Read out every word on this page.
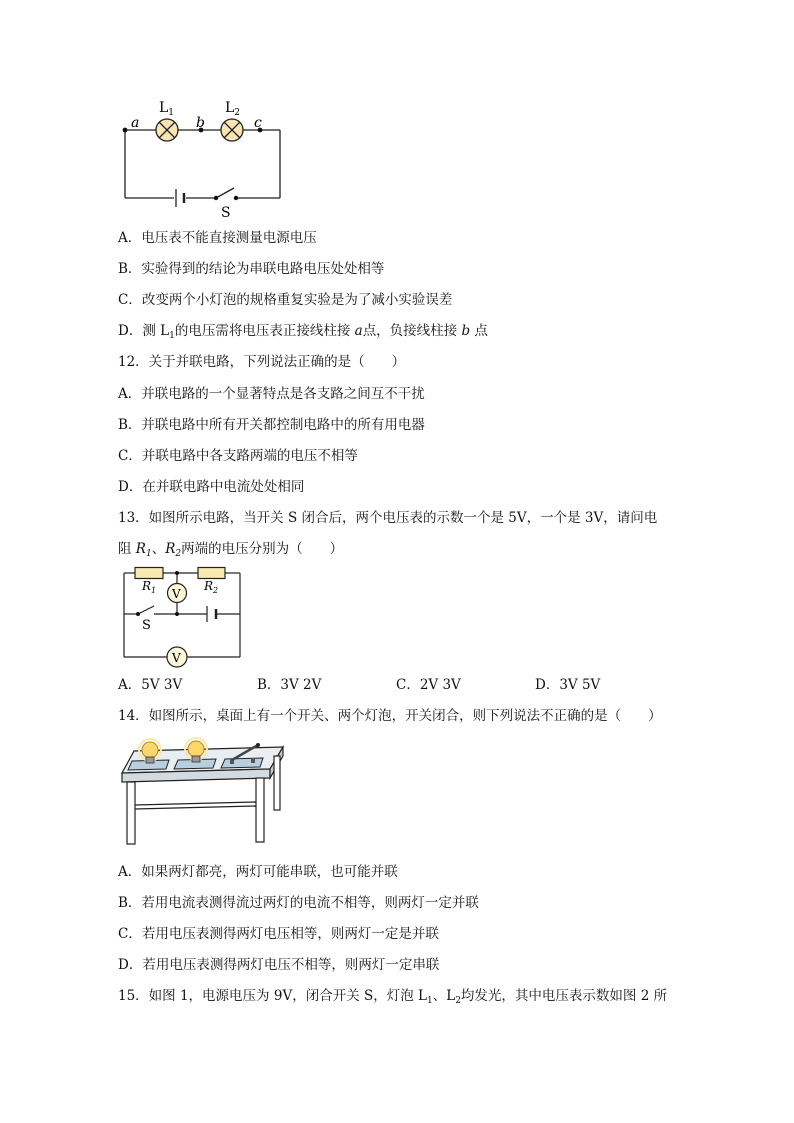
$L_1$	$L_2$
a	b	c
S
A．电压表不能直接测量电源电压
B．实验得到的结论为串联电路电压处处相等
C．改变两个小灯泡的规格重复实验是为了减小实验误差
D．测 $L_1$的电压需将电压表正接线柱接 a点，负接线柱接 b 点
12．关于并联电路，下列说法正确的是（　　）
A．并联电路的一个显著特点是各支路之间互不干扰
B．并联电路中所有开关都控制电路中的所有用电器
C．并联电路中各支路两端的电压不相等
D．在并联电路中电流处处相同
13．如图所示电路，当开关 S 闭合后，两个电压表的示数一个是 5V，一个是 3V，请问电
阻 $R_1$、$R_2$两端的电压分别为（　　）
V
V
$R_1$	$R_2$
S
A．5V 3V	B．3V 2V	C．2V 3V	D．3V 5V
14．如图所示，桌面上有一个开关、两个灯泡，开关闭合，则下列说法不正确的是（　　）
A．如果两灯都亮，两灯可能串联，也可能并联
B．若用电流表测得流过两灯的电流不相等，则两灯一定并联
C．若用电压表测得两灯电压相等，则两灯一定是并联
D．若用电压表测得两灯电压不相等，则两灯一定串联
15．如图 1，电源电压为 9V，闭合开关 S，灯泡 $L_1$、$L_2$均发光，其中电压表示数如图 2 所
